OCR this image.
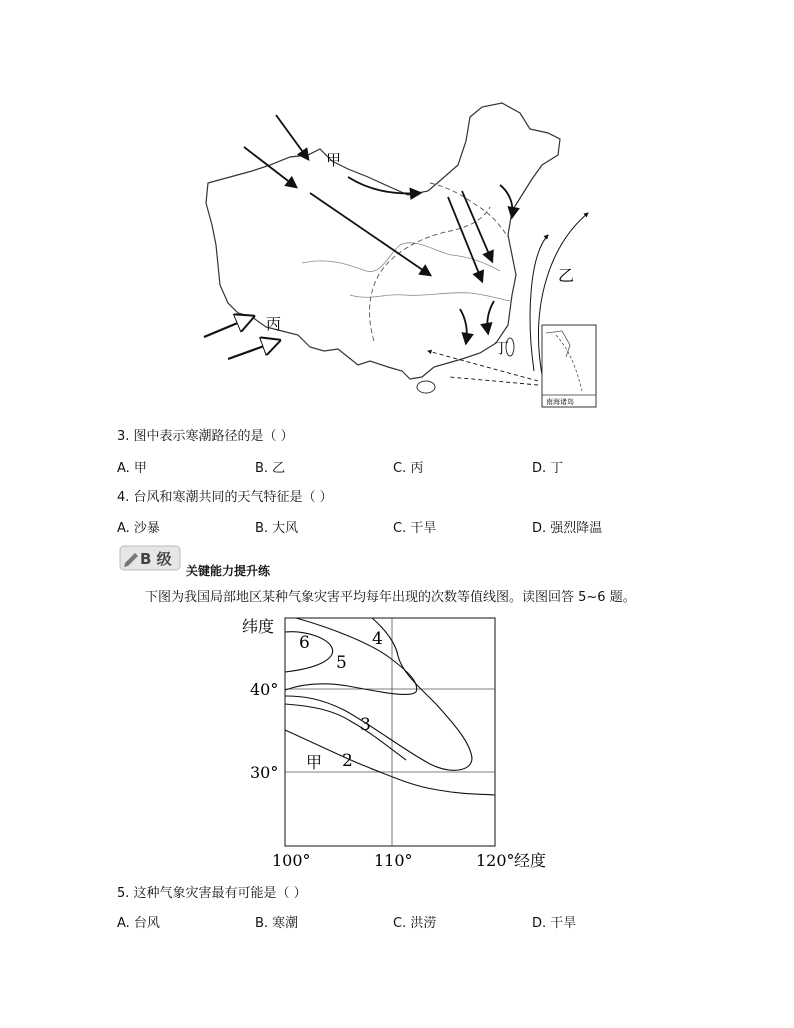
甲
乙
丙
丁
南海诸岛
3. 图中表示寒潮路径的是（ ）
A. 甲	B. 乙	C. 丙	D. 丁
4. 台风和寒潮共同的天气特征是（ ）
A. 沙暴	B. 大风	C. 干旱	D. 强烈降温
B 级
关键能力提升练
下图为我国局部地区某种气象灾害平均每年出现的次数等值线图。读图回答 5~6 题。
6
5
4
3
2
甲
纬度
40°
30°
100°	110°	120° 经度
5. 这种气象灾害最有可能是（ ）
A. 台风	B. 寒潮	C. 洪涝	D. 干旱
